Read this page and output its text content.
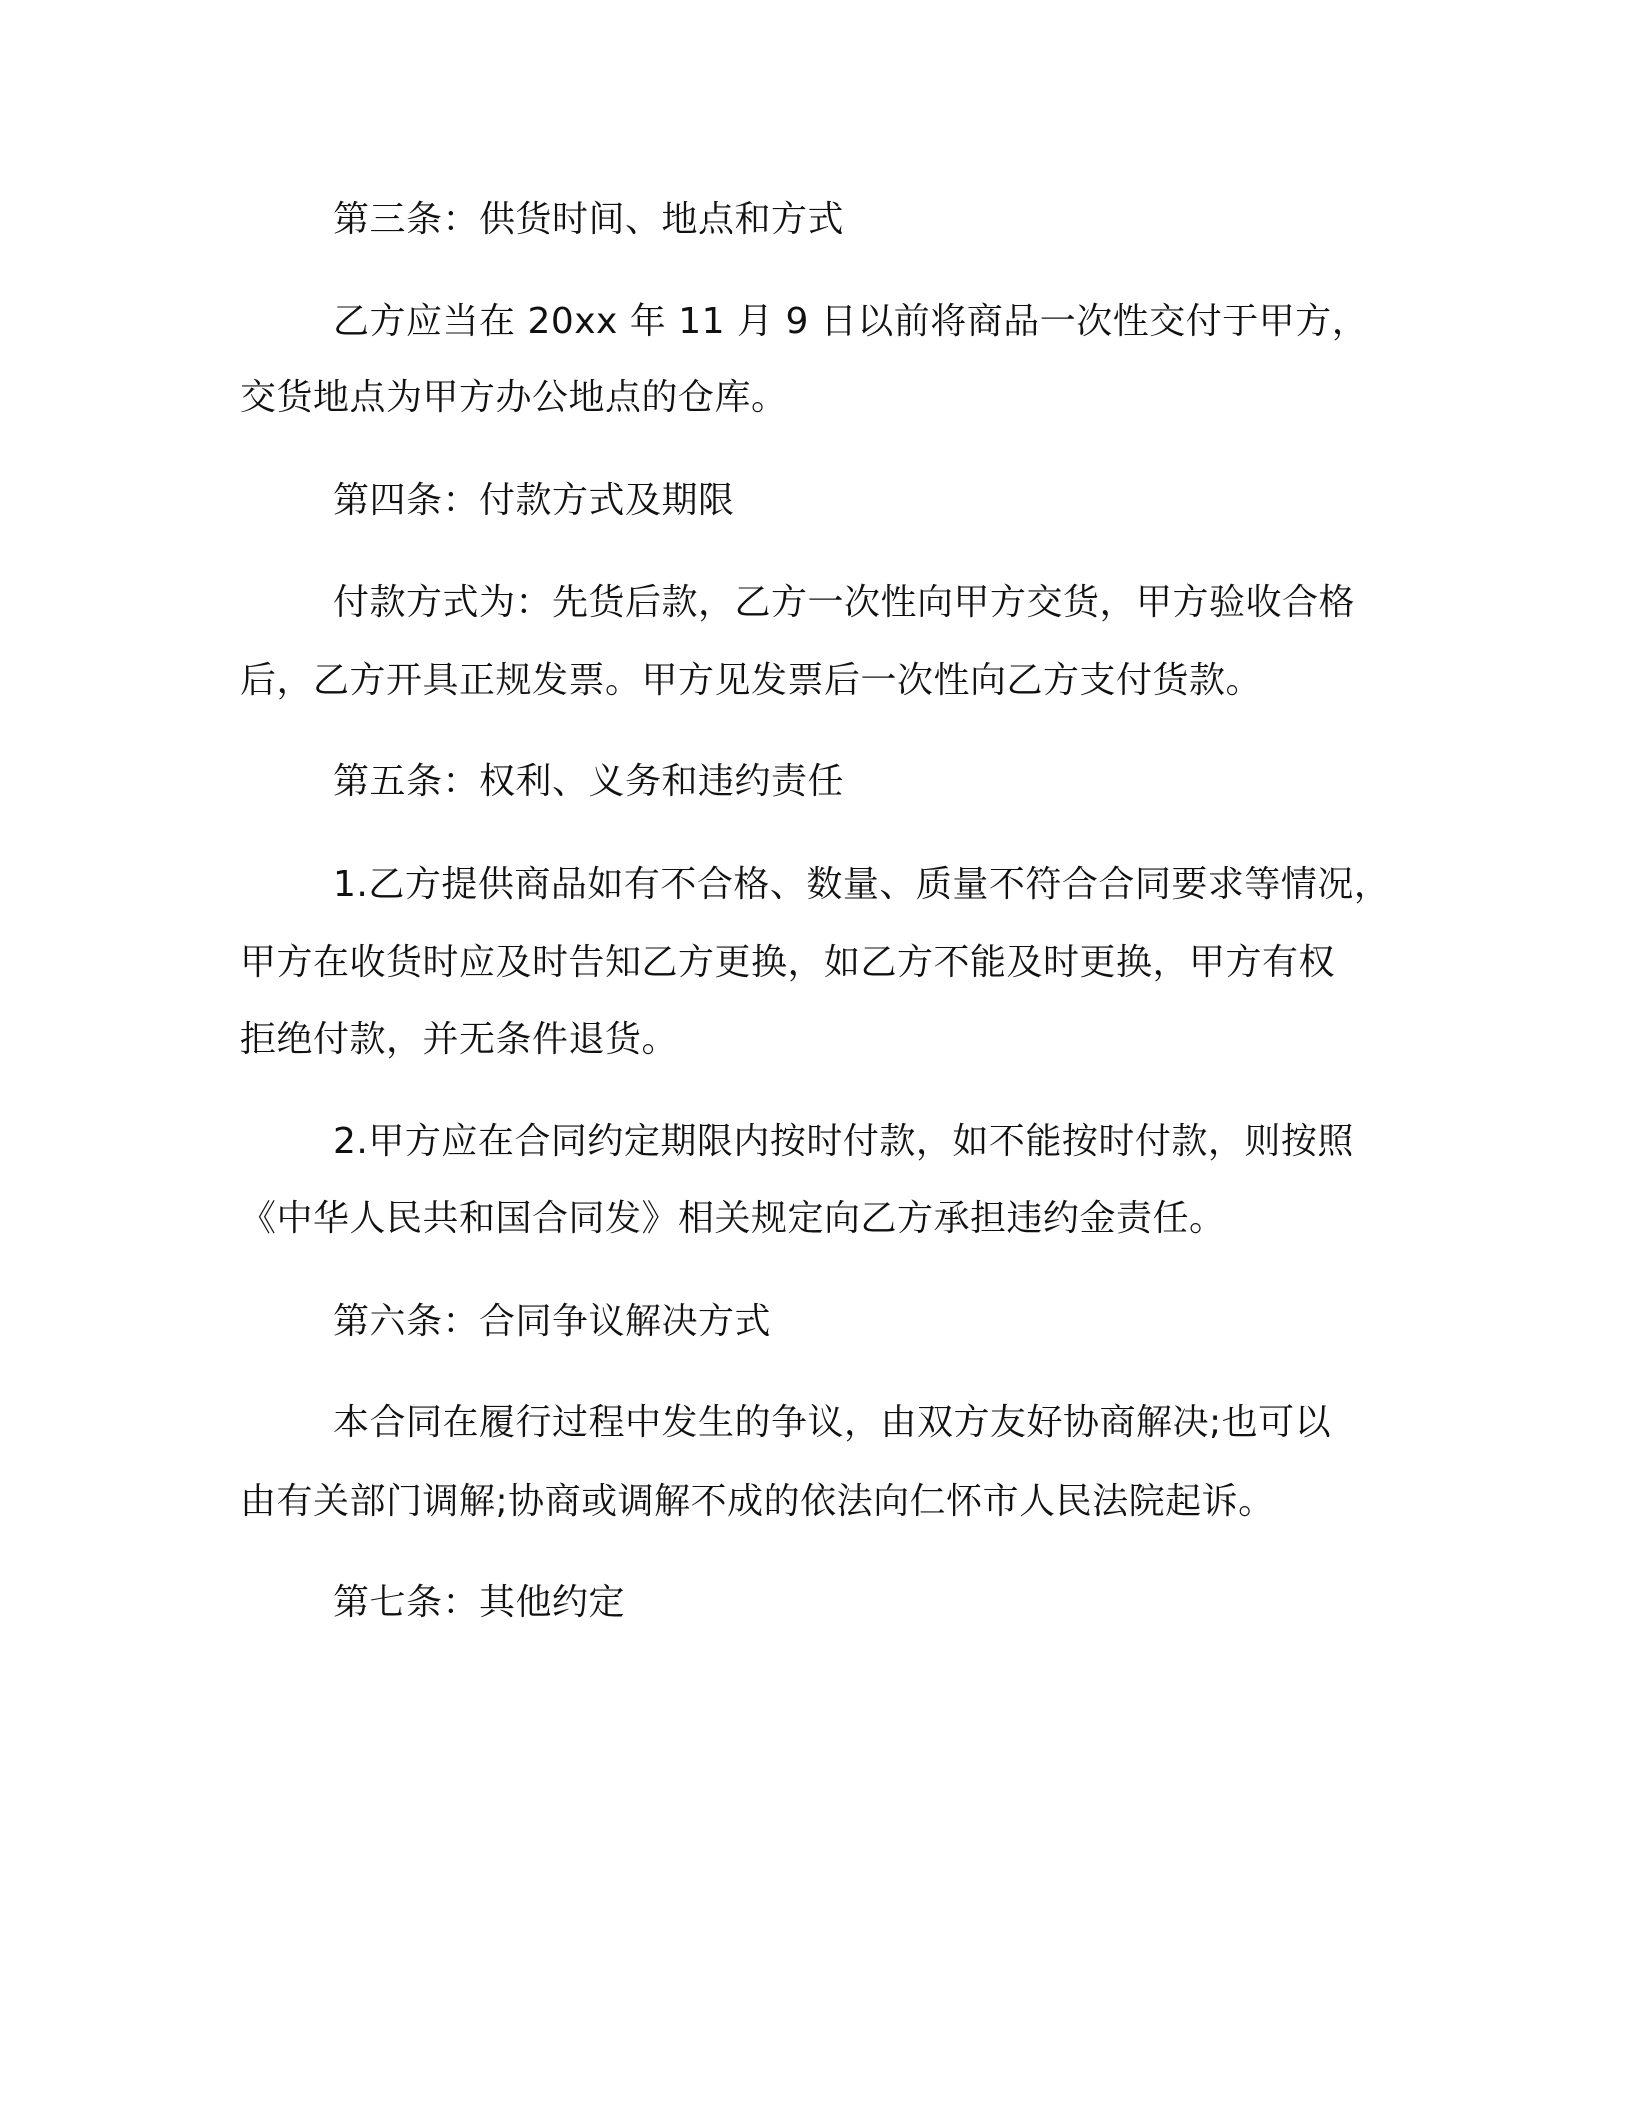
第三条：供货时间、地点和方式

乙方应当在 20xx 年 11 月 9 日以前将商品一次性交付于甲方，

交货地点为甲方办公地点的仓库。

第四条：付款方式及期限

付款方式为：先货后款，乙方一次性向甲方交货，甲方验收合格

后，乙方开具正规发票。甲方见发票后一次性向乙方支付货款。

第五条：权利、义务和违约责任

1.乙方提供商品如有不合格、数量、质量不符合合同要求等情况，

甲方在收货时应及时告知乙方更换，如乙方不能及时更换，甲方有权

拒绝付款，并无条件退货。

2.甲方应在合同约定期限内按时付款，如不能按时付款，则按照

《中华人民共和国合同发》相关规定向乙方承担违约金责任。

第六条：合同争议解决方式

本合同在履行过程中发生的争议，由双方友好协商解决;也可以

由有关部门调解;协商或调解不成的依法向仁怀市人民法院起诉。

第七条：其他约定
